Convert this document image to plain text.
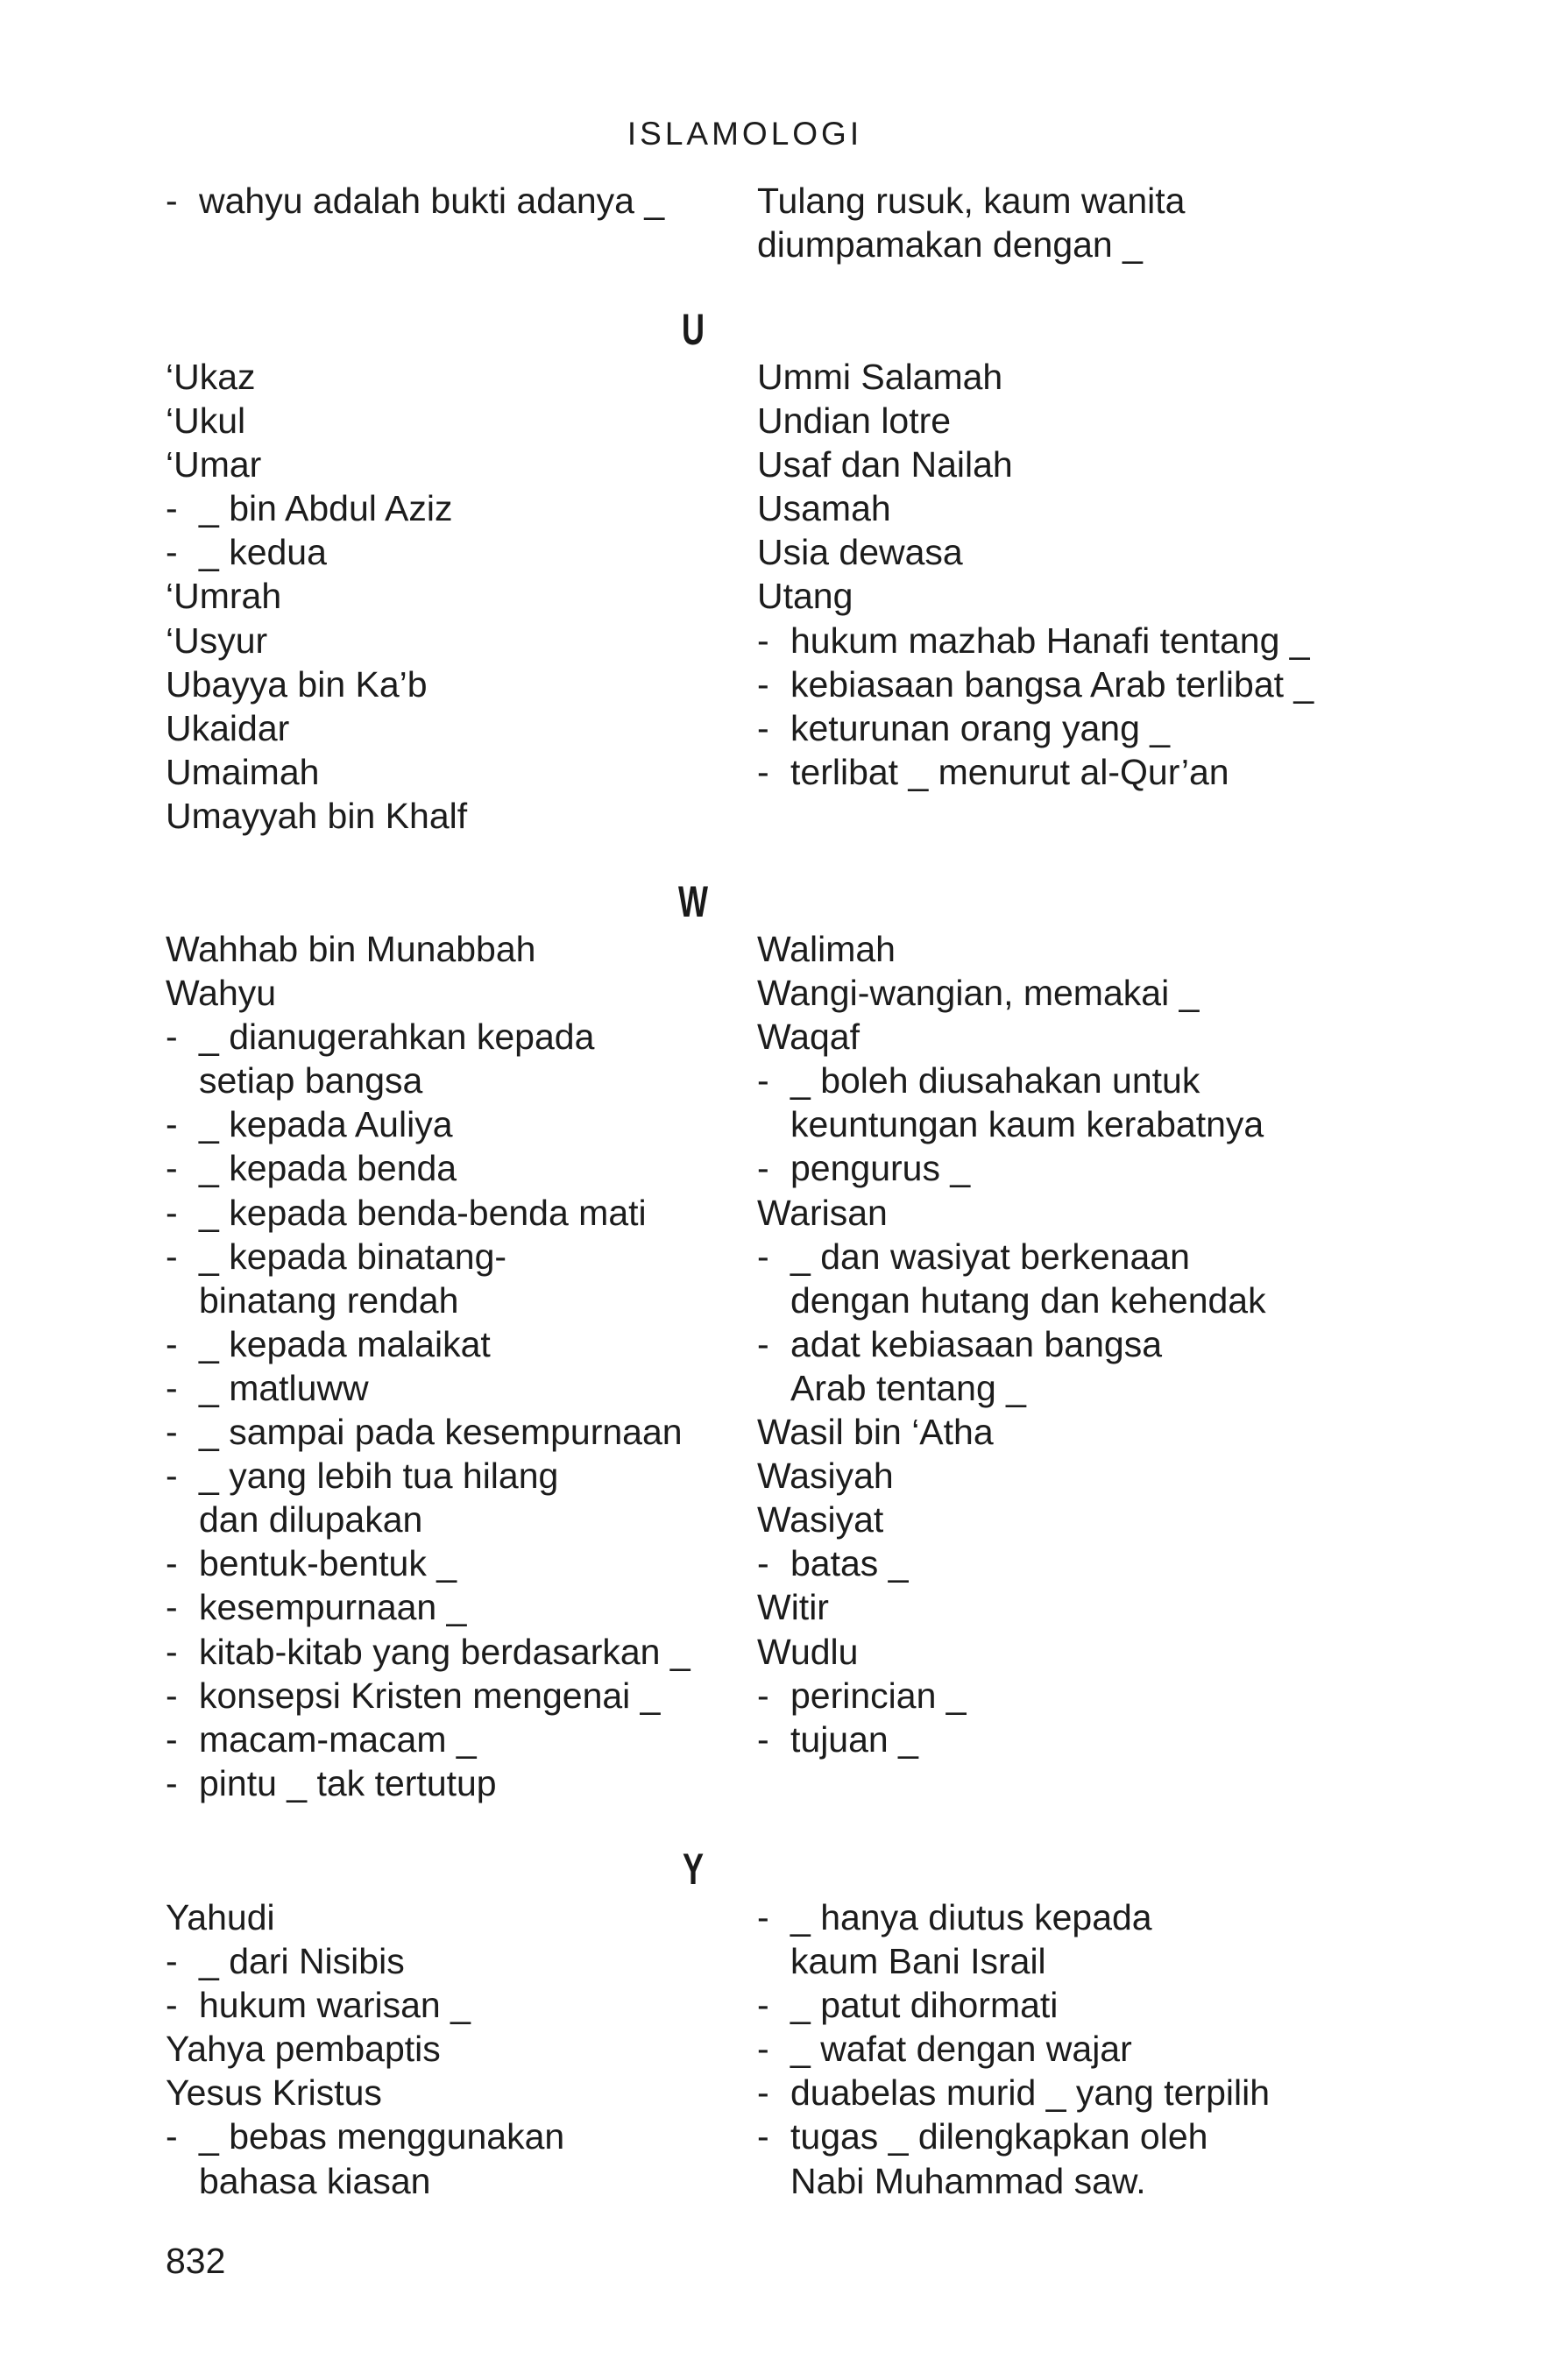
ISLAMOLOGI
- wahyu adalah bukti adanya _	Tulang rusuk, kaum wanita
diumpamakan dengan _
U
‘Ukaz
‘Ukul
‘Umar
- _ bin Abdul Aziz
- _ kedua
‘Umrah
‘Usyur
Ubayya bin Ka’b
Ukaidar
Umaimah
Umayyah bin Khalf
Ummi Salamah
Undian lotre
Usaf dan Nailah
Usamah
Usia dewasa
Utang
- hukum mazhab Hanafi tentang _
- kebiasaan bangsa Arab terlibat _
- keturunan orang yang _
- terlibat _ menurut al-Qur’an
W
Wahhab bin Munabbah
Wahyu
- _ dianugerahkan kepada
setiap bangsa
- _ kepada Auliya
- _ kepada benda
- _ kepada benda-benda mati
- _ kepada binatang-
binatang rendah
- _ kepada malaikat
- _ matluww
- _ sampai pada kesempurnaan
- _ yang lebih tua hilang
dan dilupakan
- bentuk-bentuk _
- kesempurnaan _
- kitab-kitab yang berdasarkan _
- konsepsi Kristen mengenai _
- macam-macam _
- pintu _ tak tertutup
Walimah
Wangi-wangian, memakai _
Waqaf
- _ boleh diusahakan untuk
keuntungan kaum kerabatnya
- pengurus _
Warisan
- _ dan wasiyat berkenaan
dengan hutang dan kehendak
- adat kebiasaan bangsa
Arab tentang _
Wasil bin ‘Atha
Wasiyah
Wasiyat
- batas _
Witir
Wudlu
- perincian _
- tujuan _
Y
Yahudi
- _ dari Nisibis
- hukum warisan _
Yahya pembaptis
Yesus Kristus
- _ bebas menggunakan
bahasa kiasan
- _ hanya diutus kepada
kaum Bani Israil
- _ patut dihormati
- _ wafat dengan wajar
- duabelas murid _ yang terpilih
- tugas _ dilengkapkan oleh
Nabi Muhammad saw.
832
